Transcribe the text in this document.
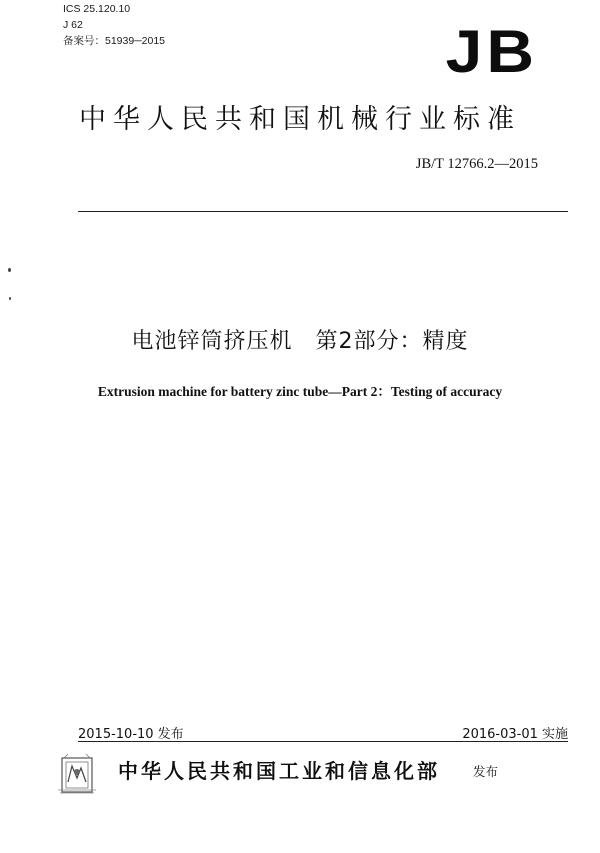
ICS 25.120.10
J 62
备案号：51939─2015	JB
中华人民共和国机械行业标准
JB/T 12766.2—2015
电池锌筒挤压机　第2部分：精度
Extrusion machine for battery zinc tube—Part 2：Testing of accuracy
2015-10-10 发布	2016-03-01 实施
中华人民共和国工业和信息化部	发布
